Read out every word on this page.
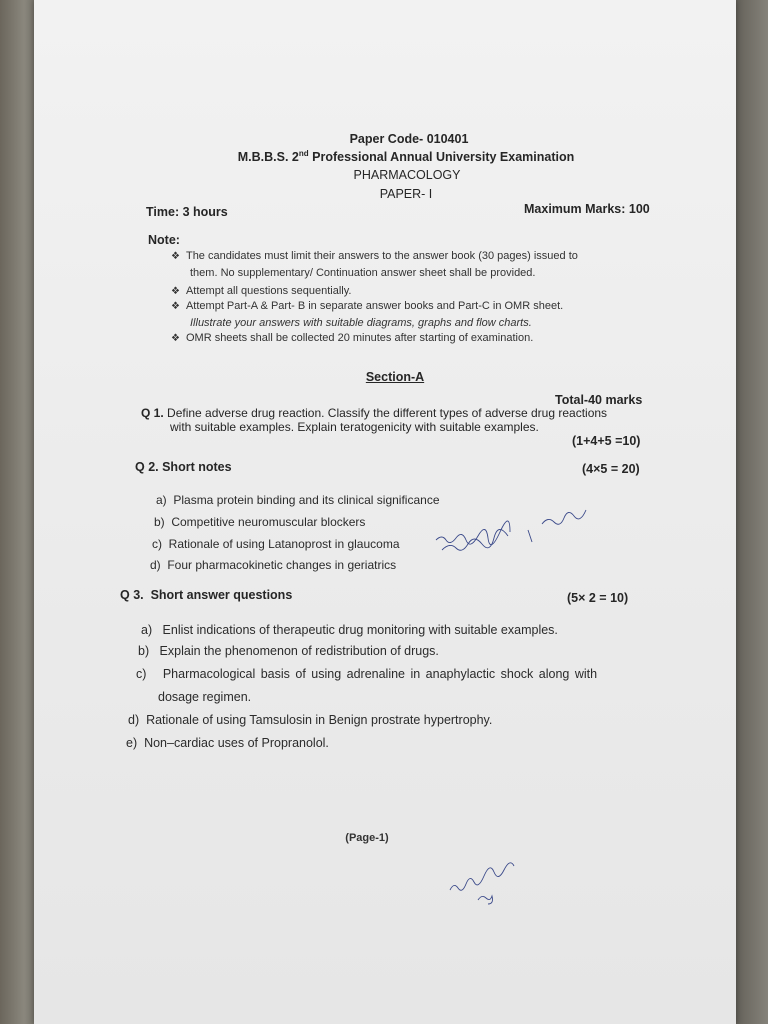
Paper Code- 010401
M.B.B.S. 2nd Professional Annual University Examination
PHARMACOLOGY
PAPER- I
Time: 3 hours	Maximum Marks: 100
Note:
❖ The candidates must limit their answers to the answer book (30 pages) issued to
them. No supplementary/ Continuation answer sheet shall be provided.
❖ Attempt all questions sequentially.
❖ Attempt Part-A & Part- B in separate answer books and Part-C in OMR sheet.
Illustrate your answers with suitable diagrams, graphs and flow charts.
❖ OMR sheets shall be collected 20 minutes after starting of examination.
Section-A
Total-40 marks
Q 1. Define adverse drug reaction. Classify the different types of adverse drug reactions
with suitable examples. Explain teratogenicity with suitable examples.
(1+4+5 =10)
Q 2. Short notes	(4×5 = 20)
a) Plasma protein binding and its clinical significance
b) Competitive neuromuscular blockers
c) Rationale of using Latanoprost in glaucoma
d) Four pharmacokinetic changes in geriatrics
Q 3. Short answer questions	(5× 2 = 10)
a) Enlist indications of therapeutic drug monitoring with suitable examples.
b) Explain the phenomenon of redistribution of drugs.
c) Pharmacological basis of using adrenaline in anaphylactic shock along with
dosage regimen.
d) Rationale of using Tamsulosin in Benign prostrate hypertrophy.
e) Non–cardiac uses of Propranolol.
(Page-1)
